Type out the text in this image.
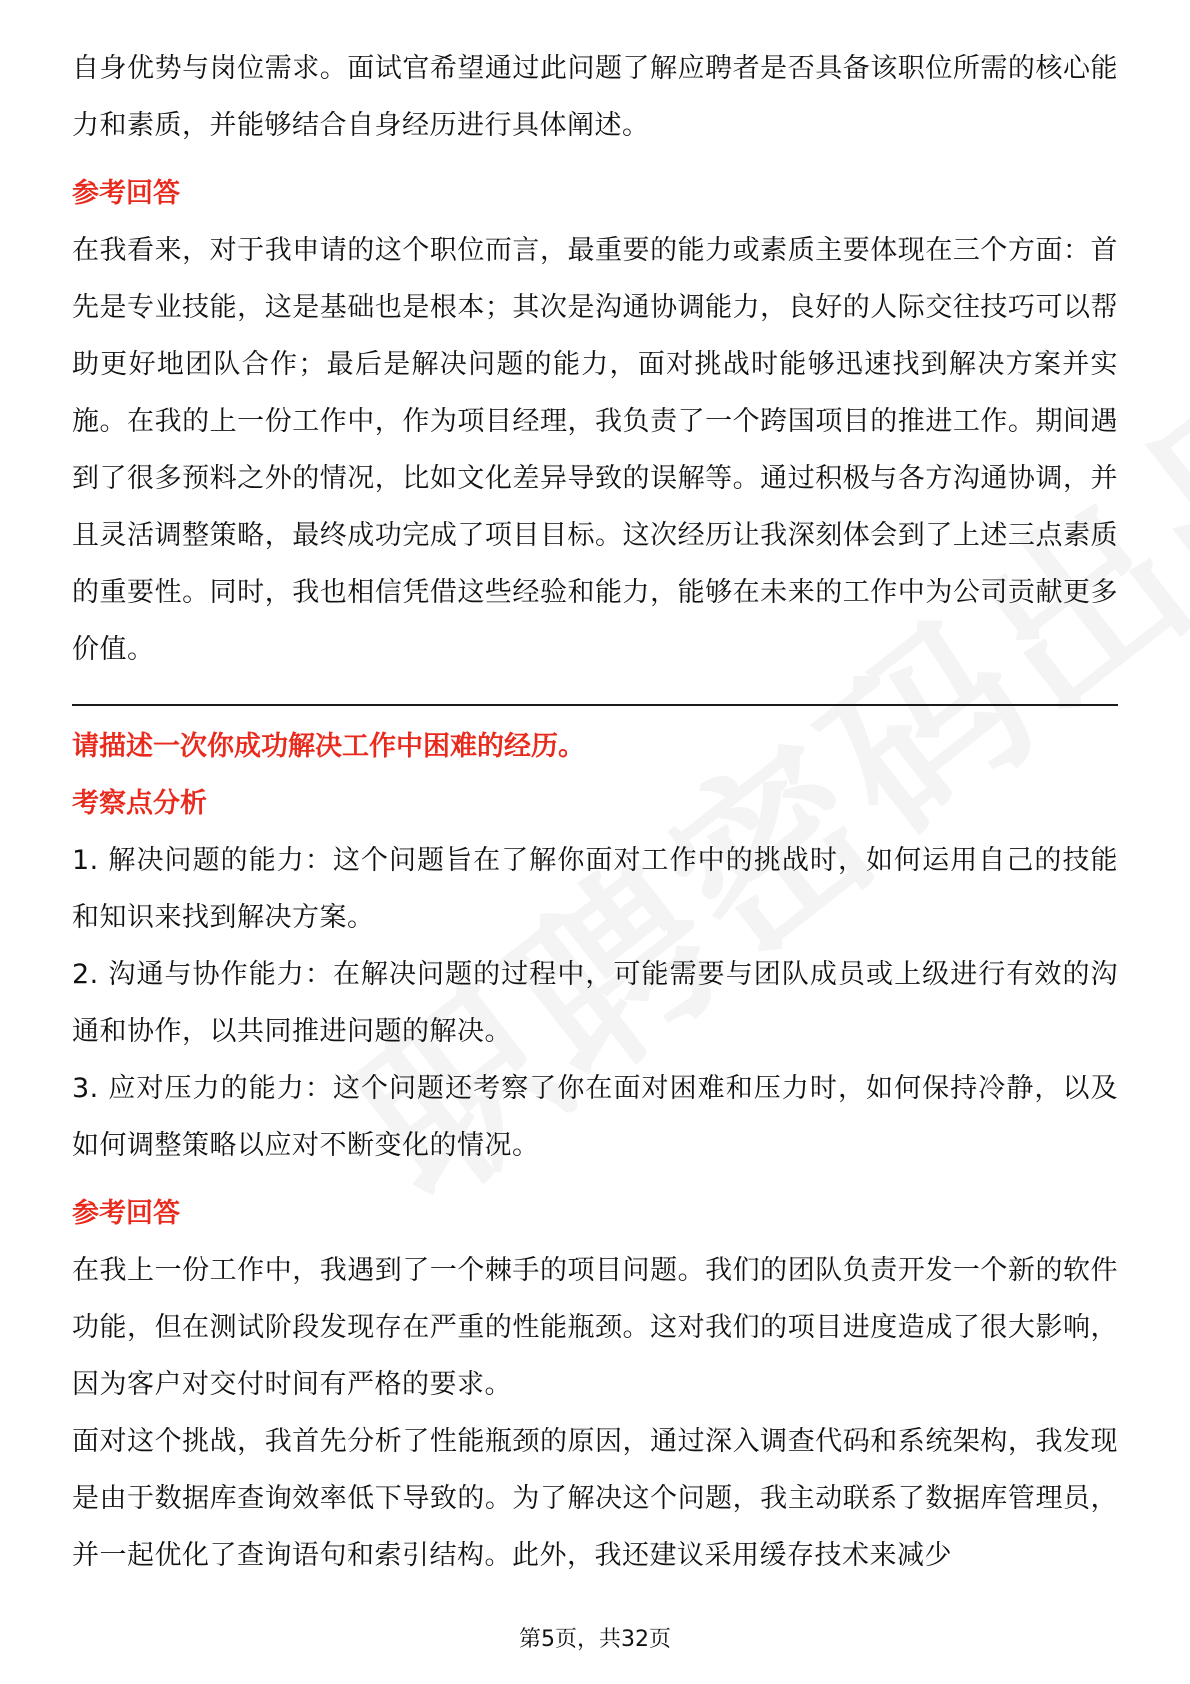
自身优势与岗位需求。面试官希望通过此问题了解应聘者是否具备该职位所需的核心能力和素质，并能够结合自身经历进行具体阐述。

参考回答

在我看来，对于我申请的这个职位而言，最重要的能力或素质主要体现在三个方面：首先是专业技能，这是基础也是根本；其次是沟通协调能力，良好的人际交往技巧可以帮助更好地团队合作；最后是解决问题的能力，面对挑战时能够迅速找到解决方案并实施。在我的上一份工作中，作为项目经理，我负责了一个跨国项目的推进工作。期间遇到了很多预料之外的情况，比如文化差异导致的误解等。通过积极与各方沟通协调，并且灵活调整策略，最终成功完成了项目目标。这次经历让我深刻体会到了上述三点素质的重要性。同时，我也相信凭借这些经验和能力，能够在未来的工作中为公司贡献更多价值。

请描述一次你成功解决工作中困难的经历。

考察点分析

1. 解决问题的能力：这个问题旨在了解你面对工作中的挑战时，如何运用自己的技能和知识来找到解决方案。

2. 沟通与协作能力：在解决问题的过程中，可能需要与团队成员或上级进行有效的沟通和协作，以共同推进问题的解决。

3. 应对压力的能力：这个问题还考察了你在面对困难和压力时，如何保持冷静，以及如何调整策略以应对不断变化的情况。

参考回答

在我上一份工作中，我遇到了一个棘手的项目问题。我们的团队负责开发一个新的软件功能，但在测试阶段发现存在严重的性能瓶颈。这对我们的项目进度造成了很大影响，因为客户对交付时间有严格的要求。

面对这个挑战，我首先分析了性能瓶颈的原因，通过深入调查代码和系统架构，我发现是由于数据库查询效率低下导致的。为了解决这个问题，我主动联系了数据库管理员，并一起优化了查询语句和索引结构。此外，我还建议采用缓存技术来减少

第5页，共32页
